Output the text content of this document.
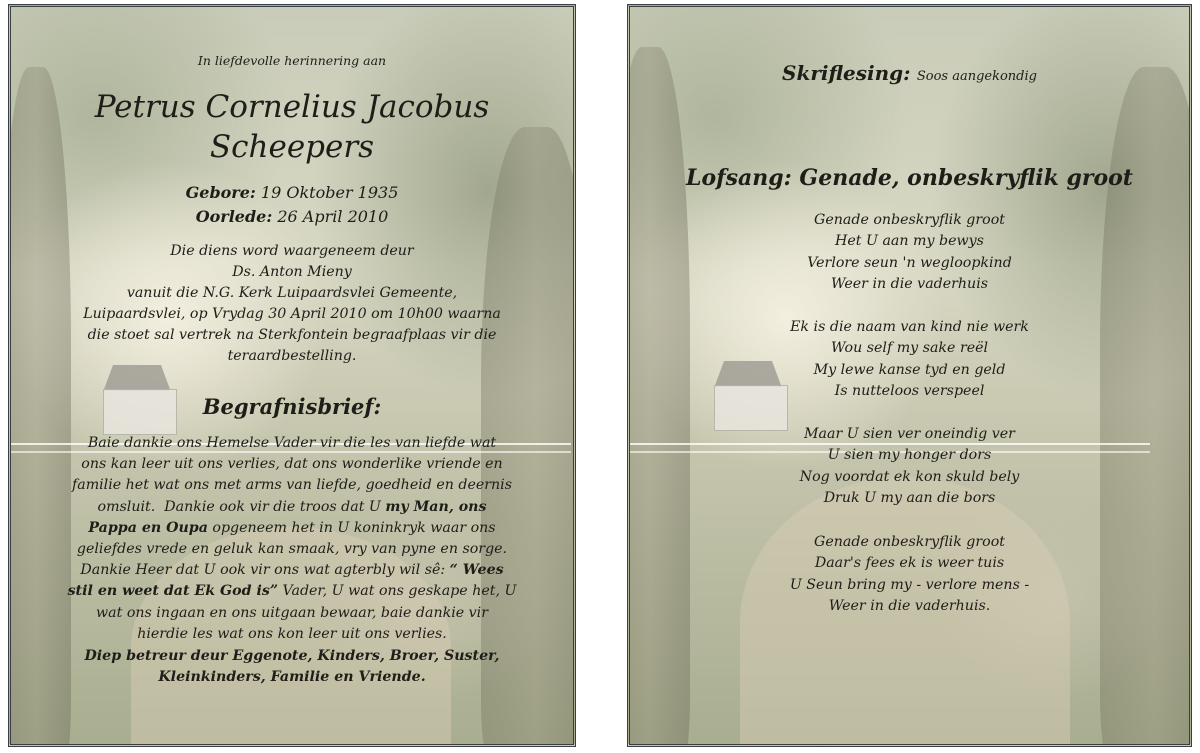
In liefdevolle herinnering aan
Petrus Cornelius Jacobus
Scheepers
Gebore: 19 Oktober 1935
Oorlede: 26 April 2010
Die diens word waargeneem deur
Ds. Anton Mieny
vanuit die N.G. Kerk Luipaardsvlei Gemeente,
Luipaardsvlei, op Vrydag 30 April 2010 om 10h00 waarna
die stoet sal vertrek na Sterkfontein begraafplaas vir die
teraardbestelling.
Begrafnisbrief:
Baie dankie ons Hemelse Vader vir die les van liefde wat
ons kan leer uit ons verlies, dat ons wonderlike vriende en
familie het wat ons met arms van liefde, goedheid en deernis
omsluit.  Dankie ook vir die troos dat U my Man, ons
Pappa en Oupa opgeneem het in U koninkryk waar ons
geliefdes vrede en geluk kan smaak, vry van pyne en sorge.
Dankie Heer dat U ook vir ons wat agterbly wil sê: “ Wees
stil en weet dat Ek God is” Vader, U wat ons geskape het, U
wat ons ingaan en ons uitgaan bewaar, baie dankie vir
hierdie les wat ons kon leer uit ons verlies.
Diep betreur deur Eggenote, Kinders, Broer, Suster,
Kleinkinders, Familie en Vriende.
Skriflesing: Soos aangekondig
Lofsang: Genade, onbeskryflik groot
Genade onbeskryflik groot
Het U aan my bewys
Verlore seun 'n wegloopkind
Weer in die vaderhuis
Ek is die naam van kind nie werk
Wou self my sake reël
My lewe kanse tyd en geld
Is nutteloos verspeel
Maar U sien ver oneindig ver
U sien my honger dors
Nog voordat ek kon skuld bely
Druk U my aan die bors
Genade onbeskryflik groot
Daar's fees ek is weer tuis
U Seun bring my - verlore mens -
Weer in die vaderhuis.
